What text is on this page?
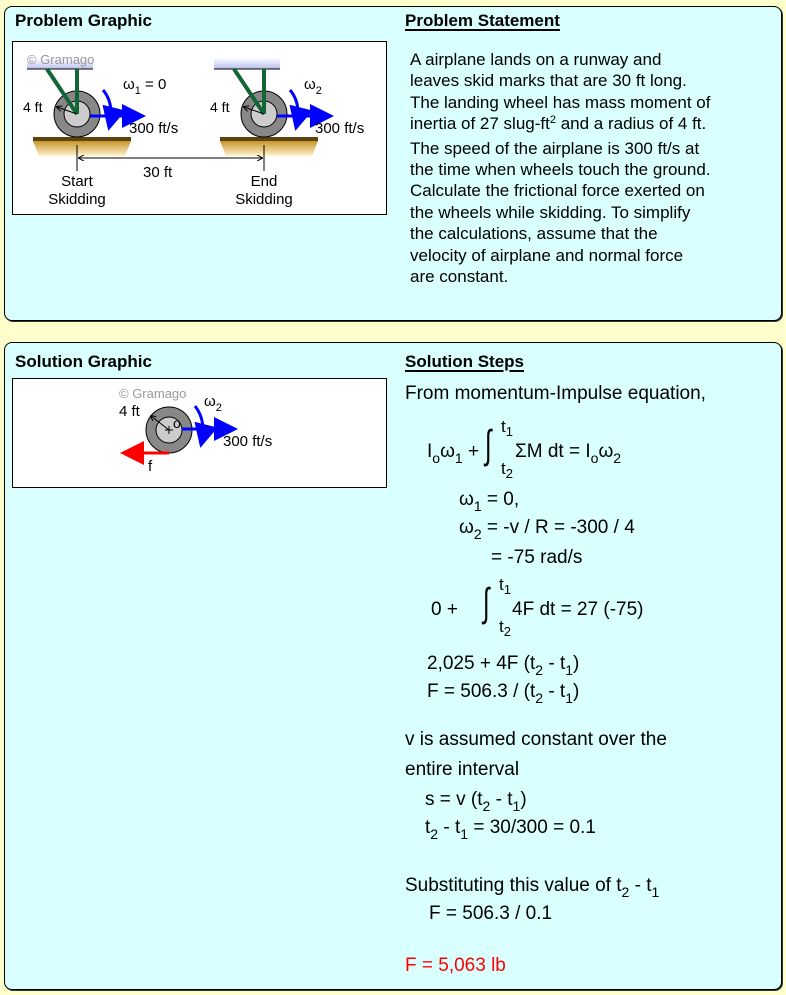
Problem Graphic
© Gramago
4 ft
$\omega_1 = 0$
300 ft/s
4 ft
$\omega_2$
300 ft/s
30 ft
Start
Skidding
End
Skidding
Problem Statement

A airplane lands on a runway and

leaves skid marks that are 30 ft long.

The landing wheel has mass moment of

inertia of 27 slug-$ft^2$ and a radius of 4 ft.

The speed of the airplane is 300 ft/s at

the time when wheels touch the ground.

Calculate the frictional force exerted on

the wheels while skidding. To simplify

the calculations, assume that the

velocity of airplane and normal force

are constant.

Solution Graphic
© Gramago
4 ft
o
$\omega_2$
300 ft/s
f
Solution Steps
From momentum-Impulse equation,
$I_o\omega_1$ + ∫ $t_1$
$t_2$
ΣM dt = $I_o\omega_2$
$\omega_1 = 0$,
$\omega_2 = -v / R = -300 / 4$
= -75 rad/s
0 + ∫ $t_1$
$t_2$
4F dt = 27 (-75)
2,025 + 4F $(t_2 - t_1)$
$F = 506.3 / (t_2 - t_1)$
v is assumed constant over the
entire interval
s = v $(t_2 - t_1)$
$t_2 - t_1 = 30/300 = 0.1$
Substituting this value of $t_2 - t_1$
F = 506.3 / 0.1
F = 5,063 lb
